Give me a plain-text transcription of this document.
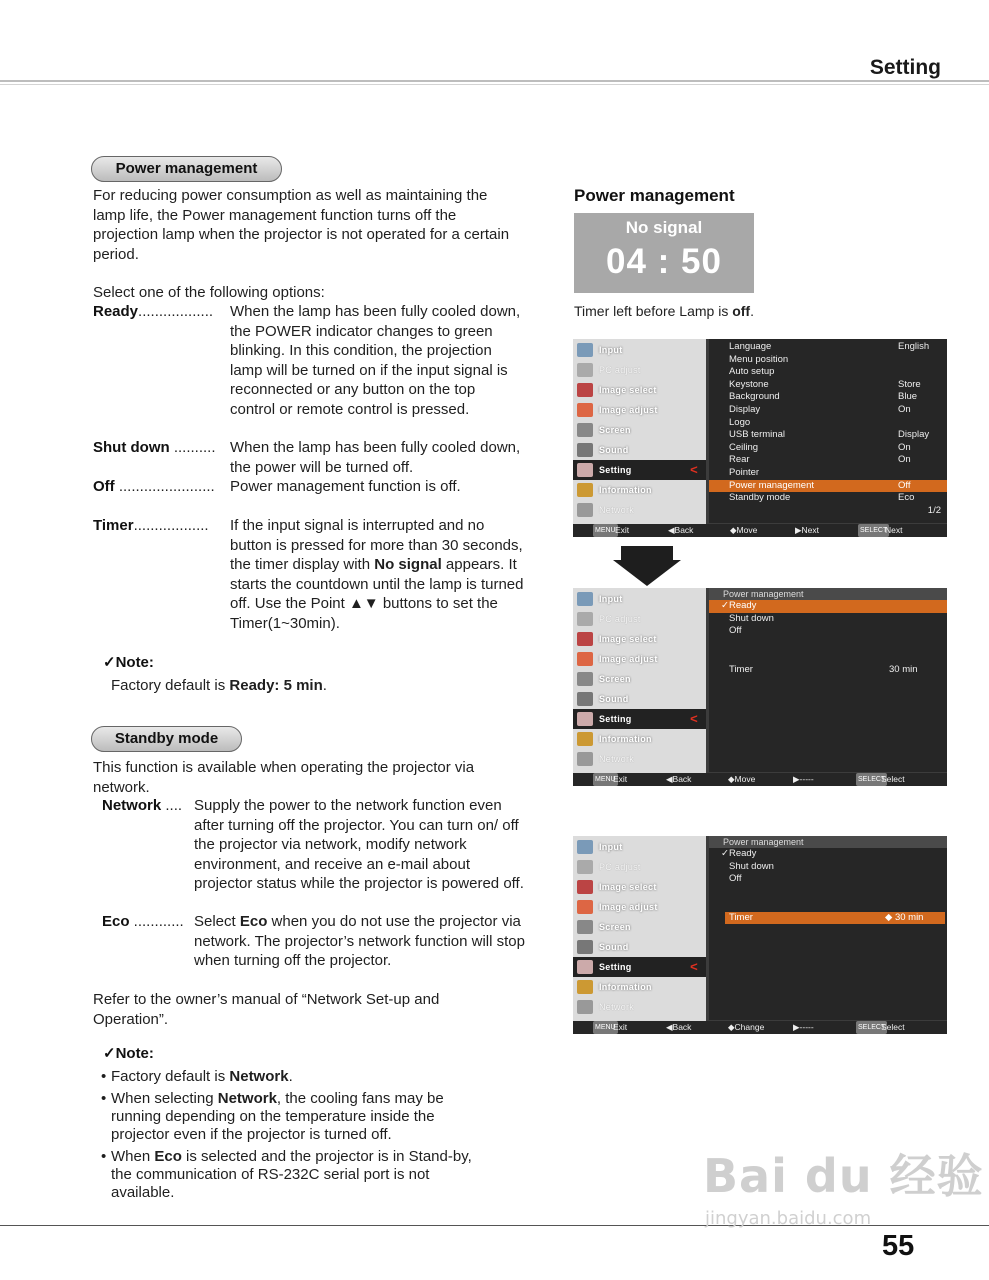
Setting
55
Power management
For reducing power consumption as well as maintaining the lamp life, the Power management function turns off the projection lamp when the projector is not operated for a certain period.
Select one of the following options:
Ready.................. When the lamp has been fully cooled down, the POWER indicator changes to green blinking. In this condition, the projection lamp will be turned on if the input signal is reconnected or any button on the top control or remote control is pressed.
Shut down .......... When the lamp has been fully cooled down, the power will be turned off.
Off ....................... Power management function is off.
Timer.................. If the input signal is interrupted and no button is pressed for more than 30 seconds, the timer display with No signal appears. It starts the countdown until the lamp is turned off. Use the Point ▲▼ buttons to set the Timer(1~30min).
✓Note:
Factory default is Ready: 5 min.
Standby mode
This function is available when operating the projector via network.
Network .... Supply the power to the network function even after turning off the projector. You can turn on/ off the projector via network, modify network environment, and receive an e-mail about projector status while the projector is powered off.
Eco ............ Select Eco when you do not use the projector via network. The projector’s network function will stop when turning off the projector.
Refer to the owner’s manual of “Network Set-up and Operation”.
✓Note:
• Factory default is Network.
• When selecting Network, the cooling fans may be running depending on the temperature inside the projector even if the projector is turned off.
• When Eco is selected and the projector is in Stand-by, the communication of RS-232C serial port is not available.
Power management
No signal
04 : 50
Timer left before Lamp is off.
Input
PC adjust
Image select
Image adjust
Screen
Sound
Setting	<
Information
Network
Language	English
Menu position
Auto setup
Keystone	Store
Background	Blue
Display	On
Logo
USB terminal	Display
Ceiling	On
Rear	On
Pointer
Power management	Off
Standby mode	Eco
1/2
MENU Exit	◀Back	◆Move	▶Next	SELECT
Next
Input
PC adjust
Image select
Image adjust
Screen
Sound
Setting	<
Information
Network
Power management
✓Ready
Shut down
Off
Timer	30 min
MENU
Exit	◀Back	◆Move	▶-----	SELECT
Select
Input
PC adjust
Image select
Image adjust
Screen
Sound
Setting	<
Information
Network
Power management
✓Ready
Shut down
Off
Timer	◆ 30 min
MENU
Exit	◀Back	◆Change	▶-----	SELECT
Select
Bai du 经验
jingyan.baidu.com
